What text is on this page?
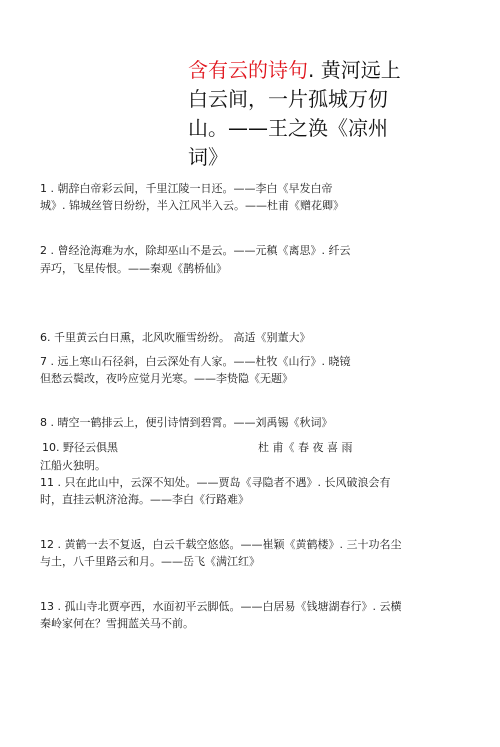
含有云的诗句. 黄河远上
白云间，一片孤城万仞
山。——王之涣《凉州
词》
1 . 朝辞白帝彩云间，千里江陵一日还。——李白《早发白帝
城》. 锦城丝管日纷纷，半入江风半入云。——杜甫《赠花卿》
2 . 曾经沧海难为水，除却巫山不是云。——元稹《离思》. 纤云
弄巧，飞星传恨。——秦观《鹊桥仙》
6. 千里黄云白日熏，北风吹雁雪纷纷。 高适《别董大》
7 . 远上寒山石径斜，白云深处有人家。——杜牧《山行》. 晓镜
但愁云鬓改，夜吟应觉月光寒。——李贽隐《无题》
8 . 晴空一鹤排云上，便引诗情到碧霄。——刘禹锡《秋词》
10. 野径云俱黑	杜 甫《 春 夜 喜 雨
江船火独明。
11 . 只在此山中，云深不知处。——贾岛《寻隐者不遇》. 长风破浪会有
时，直挂云帆济沧海。——李白《行路难》
12 . 黄鹤一去不复返，白云千载空悠悠。——崔颖《黄鹤楼》. 三十功名尘
与土，八千里路云和月。——岳飞《满江红》
13 . 孤山寺北贾亭西，水面初平云脚低。——白居易《钱塘湖春行》. 云横
秦岭家何在？雪拥蓝关马不前。
